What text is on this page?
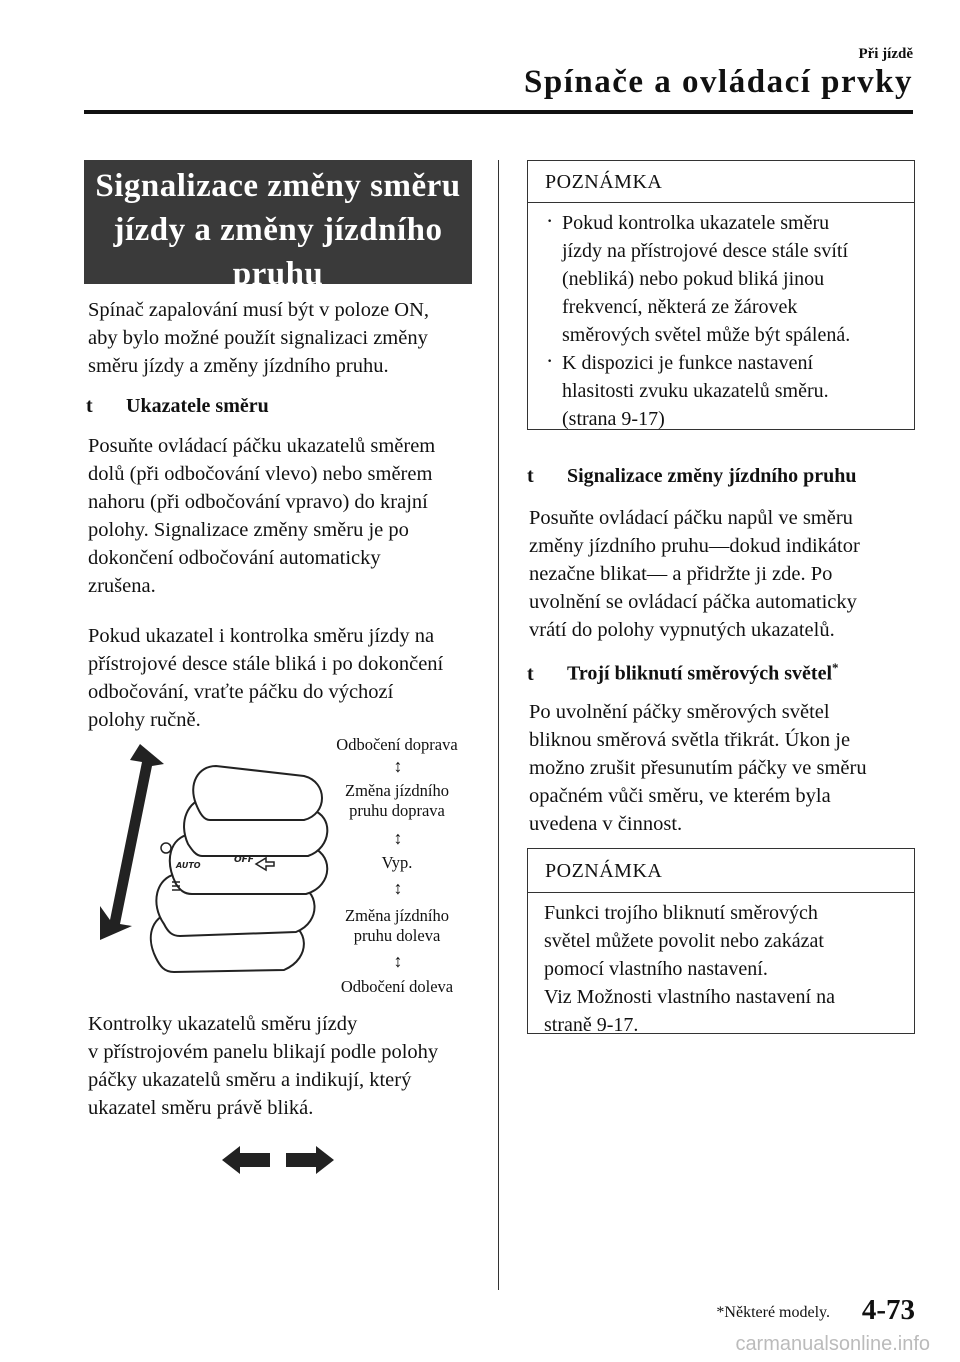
Při jízdě
Spínače a ovládací prvky
Signalizace změny směru
jízdy a změny jízdního
pruhu
Spínač zapalování musí být v poloze ON,
aby bylo možné použít signalizaci změny
směru jízdy a změny jízdního pruhu.
t Ukazatele směru
Posuňte ovládací páčku ukazatelů směrem
dolů (při odbočování vlevo) nebo směrem
nahoru (při odbočování vpravo) do krajní
polohy. Signalizace změny směru je po
dokončení odbočování automaticky
zrušena.
Pokud ukazatel i kontrolka směru jízdy na
přístrojové desce stále bliká i po dokončení
odbočování, vraťte páčku do výchozí
polohy ručně.
OFF
AUTO
Odbočení doprava
↕
Změna jízdního
pruhu doprava
↕
Vyp.
↕
Změna jízdního
pruhu doleva
↕
Odbočení doleva
Kontrolky ukazatelů směru jízdy
v přístrojovém panelu blikají podle polohy
páčky ukazatelů směru a indikují, který
ukazatel směru právě bliká.
POZNÁMKA
· Pokud kontrolka ukazatele směru
jízdy na přístrojové desce stále svítí
(nebliká) nebo pokud bliká jinou
frekvencí, některá ze žárovek
směrových světel může být spálená.
· K dispozici je funkce nastavení
hlasitosti zvuku ukazatelů směru.
(strana 9-17)
t Signalizace změny jízdního pruhu
Posuňte ovládací páčku napůl ve směru
změny jízdního pruhu―dokud indikátor
nezačne blikat― a přidržte ji zde. Po
uvolnění se ovládací páčka automaticky
vrátí do polohy vypnutých ukazatelů.
t Trojí bliknutí směrových světel*
Po uvolnění páčky směrových světel
bliknou směrová světla třikrát. Úkon je
možno zrušit přesunutím páčky ve směru
opačném vůči směru, ve kterém byla
uvedena v činnost.
POZNÁMKA
Funkci trojího bliknutí směrových
světel můžete povolit nebo zakázat
pomocí vlastního nastavení.
Viz Možnosti vlastního nastavení na
straně 9-17.
*Některé modely. 4-73
carmanualsonline.info
